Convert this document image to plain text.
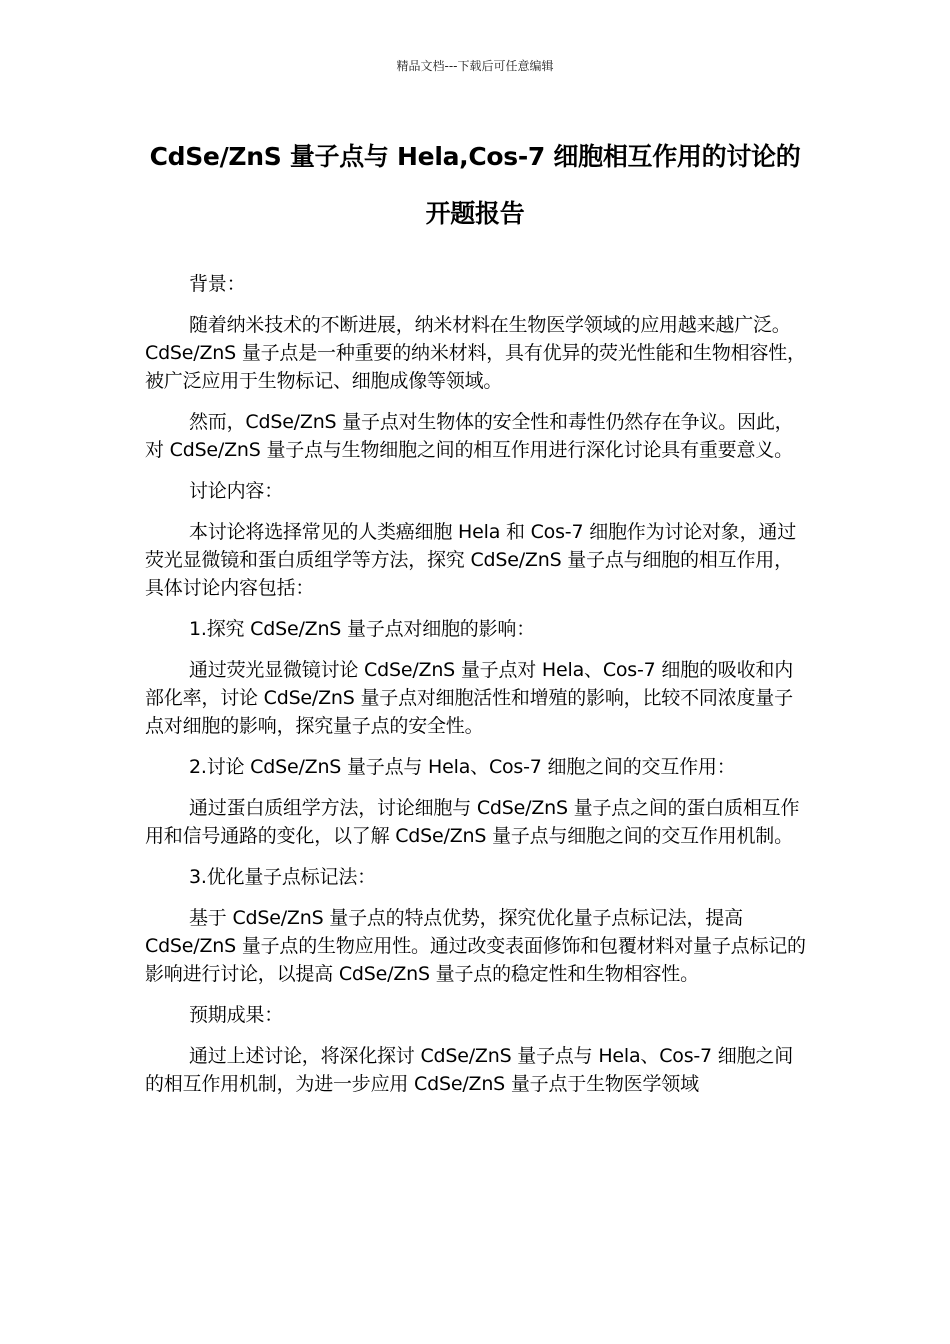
精品文档---下载后可任意编辑
CdSe/ZnS 量子点与 Hela,Cos-7 细胞相互作用的讨论的开题报告

背景：

随着纳米技术的不断进展，纳米材料在生物医学领域的应用越来越广泛。CdSe/ZnS 量子点是一种重要的纳米材料，具有优异的荧光性能和生物相容性，被广泛应用于生物标记、细胞成像等领域。

然而，CdSe/ZnS 量子点对生物体的安全性和毒性仍然存在争议。因此，对 CdSe/ZnS 量子点与生物细胞之间的相互作用进行深化讨论具有重要意义。

讨论内容：

本讨论将选择常见的人类癌细胞 Hela 和 Cos-7 细胞作为讨论对象，通过荧光显微镜和蛋白质组学等方法，探究 CdSe/ZnS 量子点与细胞的相互作用，具体讨论内容包括：

1.探究 CdSe/ZnS 量子点对细胞的影响：

通过荧光显微镜讨论 CdSe/ZnS 量子点对 Hela、Cos-7 细胞的吸收和内部化率，讨论 CdSe/ZnS 量子点对细胞活性和增殖的影响，比较不同浓度量子点对细胞的影响，探究量子点的安全性。

2.讨论 CdSe/ZnS 量子点与 Hela、Cos-7 细胞之间的交互作用：

通过蛋白质组学方法，讨论细胞与 CdSe/ZnS 量子点之间的蛋白质相互作用和信号通路的变化，以了解 CdSe/ZnS 量子点与细胞之间的交互作用机制。

3.优化量子点标记法：

基于 CdSe/ZnS 量子点的特点优势，探究优化量子点标记法，提高 CdSe/ZnS 量子点的生物应用性。通过改变表面修饰和包覆材料对量子点标记的影响进行讨论，以提高 CdSe/ZnS 量子点的稳定性和生物相容性。

预期成果：

通过上述讨论，将深化探讨 CdSe/ZnS 量子点与 Hela、Cos-7 细胞之间的相互作用机制，为进一步应用 CdSe/ZnS 量子点于生物医学领域
